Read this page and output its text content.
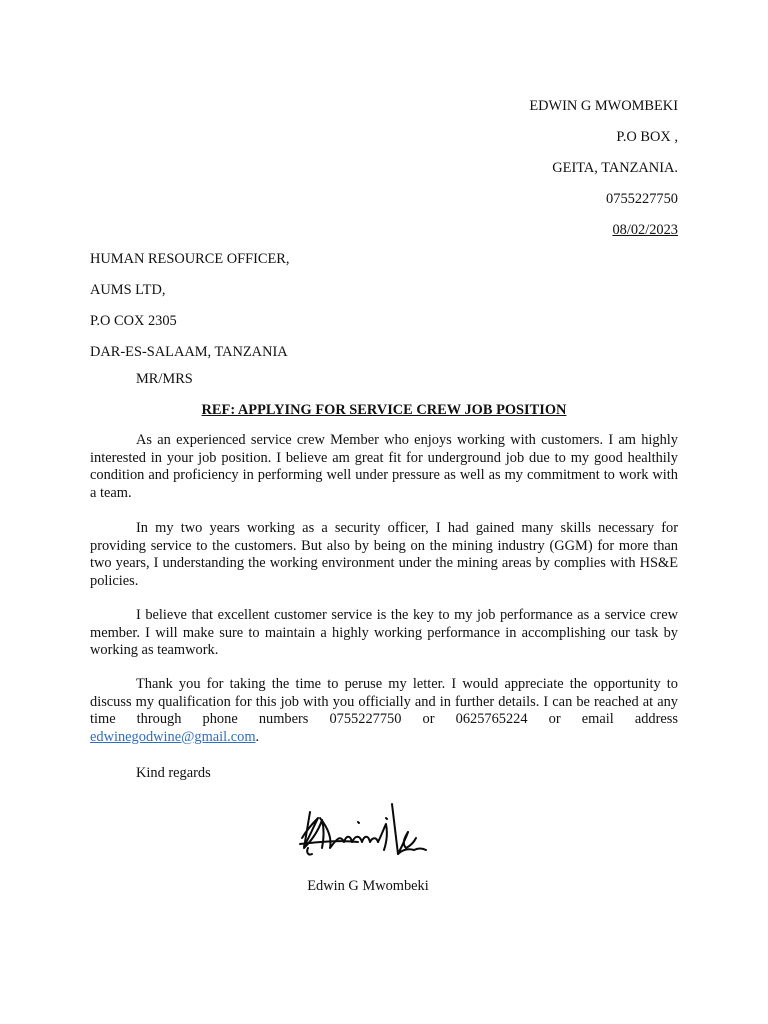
EDWIN G MWOMBEKI
P.O BOX ,
GEITA, TANZANIA.
0755227750
08/02/2023
HUMAN RESOURCE OFFICER,
AUMS LTD,
P.O COX 2305
DAR-ES-SALAAM, TANZANIA
MR/MRS
REF: APPLYING FOR SERVICE CREW JOB POSITION
As an experienced service crew Member who enjoys working with customers. I am highly interested in your job position. I believe am great fit for underground job due to my good healthily condition and proficiency in performing well under pressure as well as my commitment to work with a team.
In my two years working as a security officer, I had gained many skills necessary for providing service to the customers. But also by being on the mining industry (GGM) for more than two years, I understanding the working environment under the mining areas by complies with HS&E policies.
I believe that excellent customer service is the key to my job performance as a service crew member. I will make sure to maintain a highly working performance in accomplishing our task by working as teamwork.
Thank you for taking the time to peruse my letter. I would appreciate the opportunity to discuss my qualification for this job with you officially and in further details. I can be reached at any time through phone numbers 0755227750 or 0625765224 or email address edwinegodwine@gmail.com.
Kind regards
Edwin G Mwombeki
